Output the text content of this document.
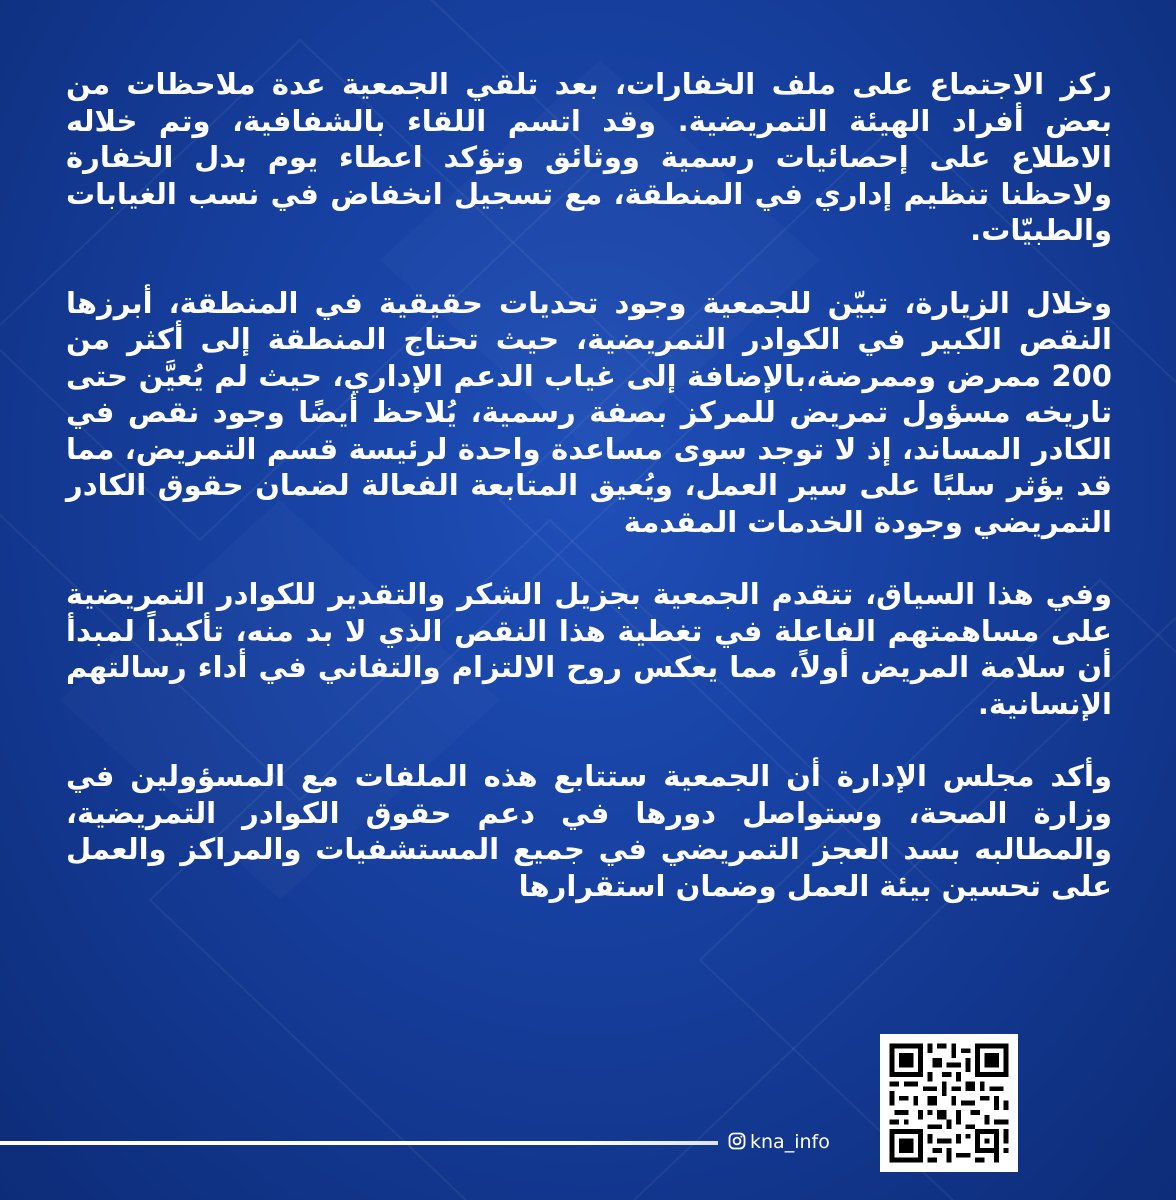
ركز الاجتماع على ملف الخفارات، بعد تلقي الجمعية عدة ملاحظات من بعض أفراد الهيئة التمريضية. وقد اتسم اللقاء بالشفافية، وتم خلاله الاطلاع على إحصائيات رسمية ووثائق وتؤكد اعطاء يوم بدل الخفارة ولاحظنا تنظيم إداري في المنطقة، مع تسجيل انخفاض في نسب الغيابات والطبيّات.

وخلال الزيارة، تبيّن للجمعية وجود تحديات حقيقية في المنطقة، أبرزها النقص الكبير في الكوادر التمريضية، حيث تحتاج المنطقة إلى أكثر من 200 ممرض وممرضة،بالإضافة إلى غياب الدعم الإداري، حيث لم يُعيَّن حتى تاريخه مسؤول تمريض للمركز بصفة رسمية، يُلاحظ أيضًا وجود نقص في الكادر المساند، إذ لا توجد سوى مساعدة واحدة لرئيسة قسم التمريض، مما قد يؤثر سلبًا على سير العمل، ويُعيق المتابعة الفعالة لضمان حقوق الكادر التمريضي وجودة الخدمات المقدمة

وفي هذا السياق، تتقدم الجمعية بجزيل الشكر والتقدير للكوادر التمريضية على مساهمتهم الفاعلة في تغطية هذا النقص الذي لا بد منه، تأكيداً لمبدأ أن سلامة المريض أولاً، مما يعكس روح الالتزام والتفاني في أداء رسالتهم الإنسانية.

وأكد مجلس الإدارة أن الجمعية ستتابع هذه الملفات مع المسؤولين في وزارة الصحة، وستواصل دورها في دعم حقوق الكوادر التمريضية، والمطالبه بسد العجز التمريضي في جميع المستشفيات والمراكز والعمل على تحسين بيئة العمل وضمان استقرارها

kna_info
